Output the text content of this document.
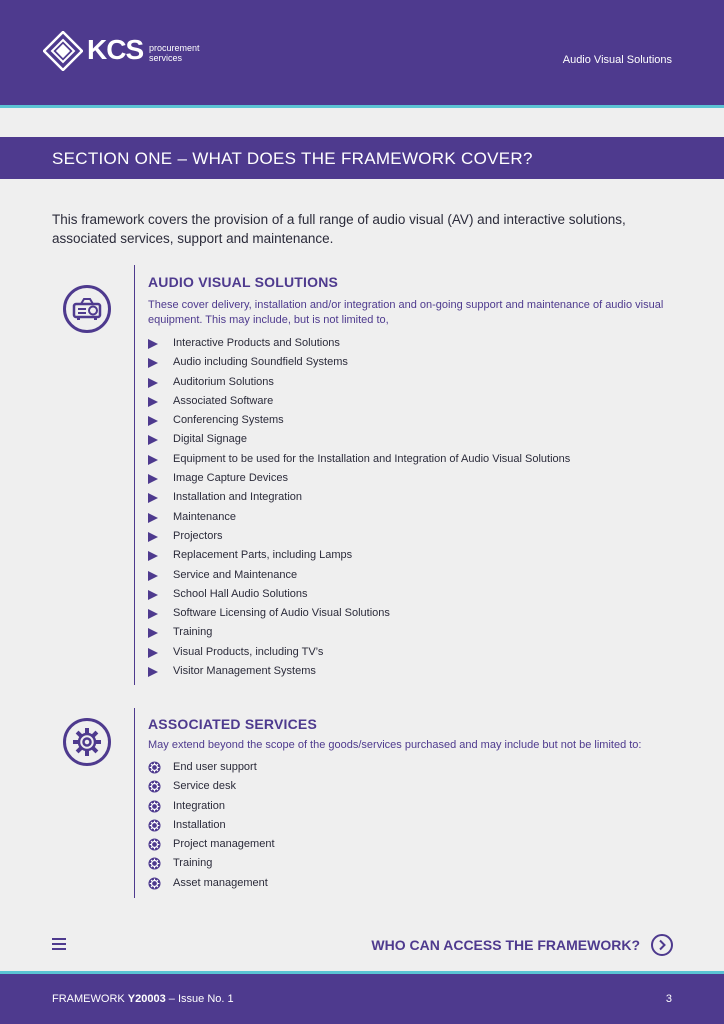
KCS procurement
services	Audio Visual Solutions
SECTION ONE – WHAT DOES THE FRAMEWORK COVER?
This framework covers the provision of a full range of audio visual (AV) and interactive solutions, associated services, support and maintenance.
AUDIO VISUAL SOLUTIONS
These cover delivery, installation and/or integration and on-going support and maintenance of audio visual equipment. This may include, but is not limited to,
Interactive Products and Solutions
Audio including Soundfield Systems
Auditorium Solutions
Associated Software
Conferencing Systems
Digital Signage
Equipment to be used for the Installation and Integration of Audio Visual Solutions
Image Capture Devices
Installation and Integration
Maintenance
Projectors
Replacement Parts, including Lamps
Service and Maintenance
School Hall Audio Solutions
Software Licensing of Audio Visual Solutions
Training
Visual Products, including TV’s
Visitor Management Systems
ASSOCIATED SERVICES
May extend beyond the scope of the goods/services purchased and may include but not be limited to:
End user support
Service desk
Integration
Installation
Project management
Training
Asset management
WHO CAN ACCESS THE FRAMEWORK?
FRAMEWORK Y20003 – Issue No. 1	3
